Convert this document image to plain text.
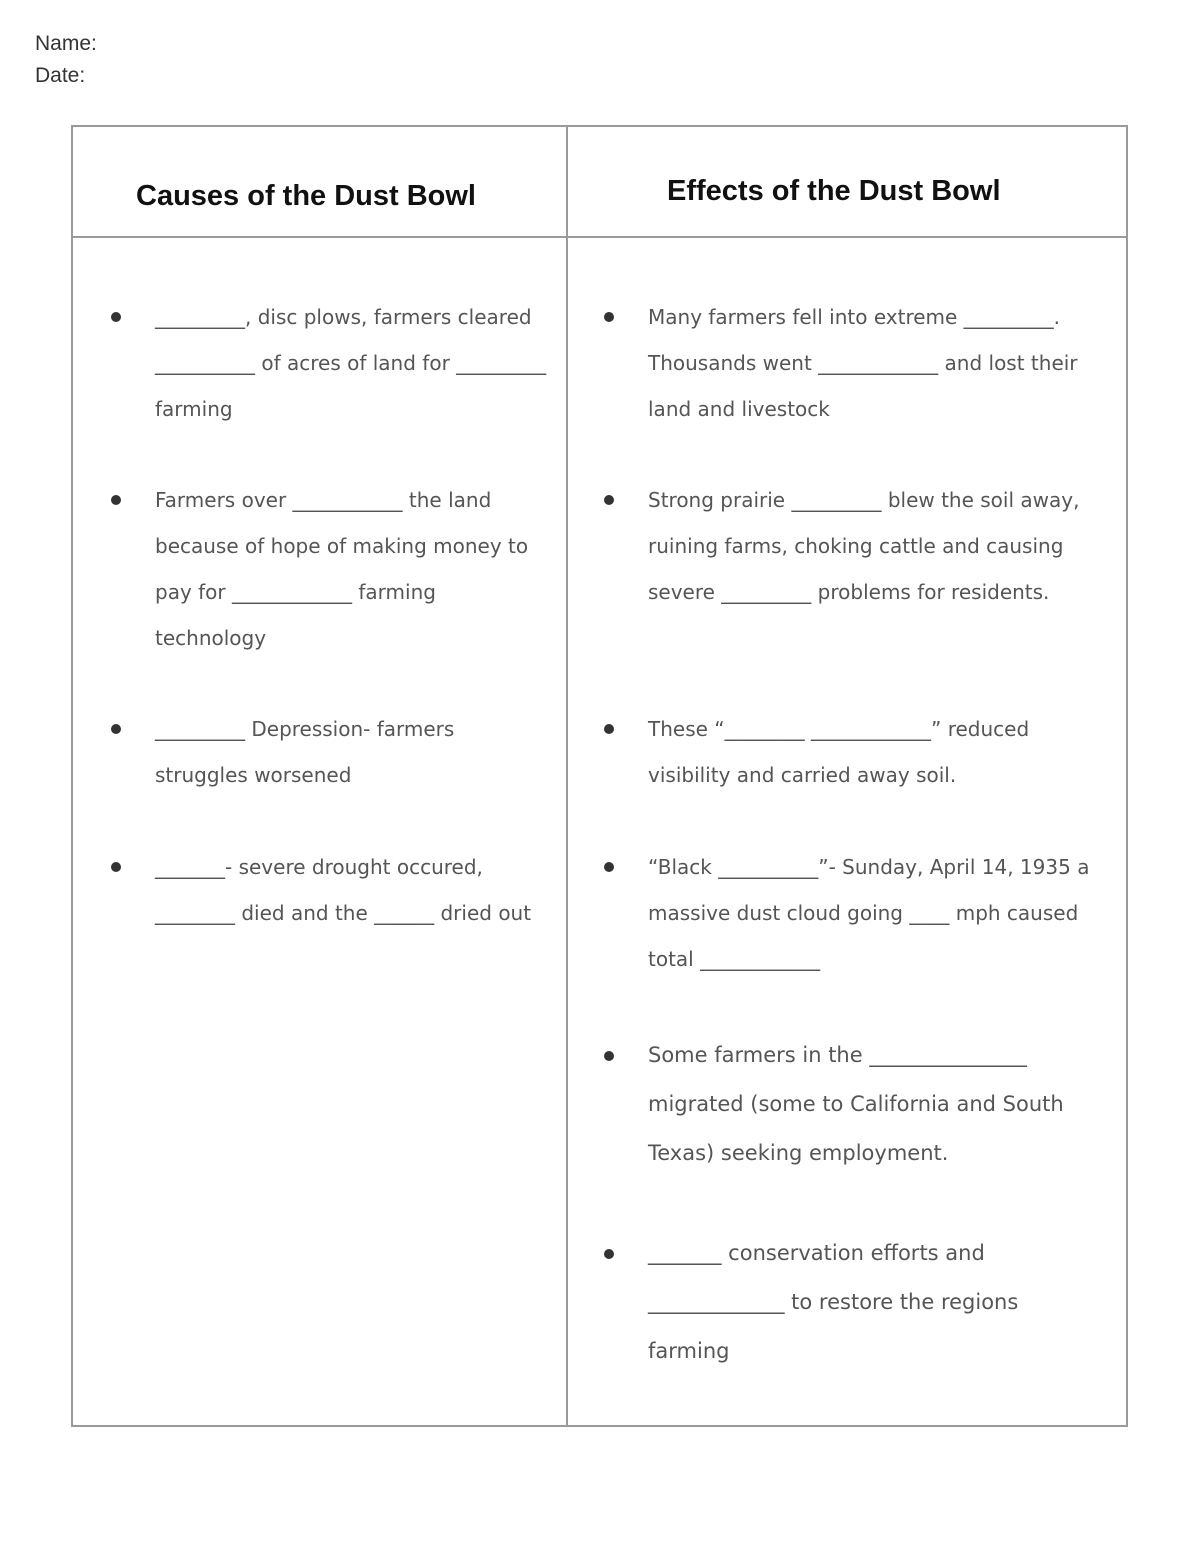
Name:
Date:
Causes of the Dust Bowl	Effects of the Dust Bowl
_________, disc plows, farmers cleared __________ of acres of land for _________ farming
Farmers over ___________ the land because of hope of making money to pay for ____________ farming technology
_________ Depression- farmers struggles worsened
_______- severe drought occured, ________ died and the ______ dried out
Many farmers fell into extreme _________. Thousands went ____________ and lost their land and livestock
Strong prairie _________ blew the soil away, ruining farms, choking cattle and causing severe _________ problems for residents.
These “________ ____________” reduced visibility and carried away soil.
“Black __________”- Sunday, April 14, 1935 a massive dust cloud going ____ mph caused total ____________
Some farmers in the _______________ migrated (some to California and South Texas) seeking employment.
_______ conservation efforts and _____________ to restore the regions farming
